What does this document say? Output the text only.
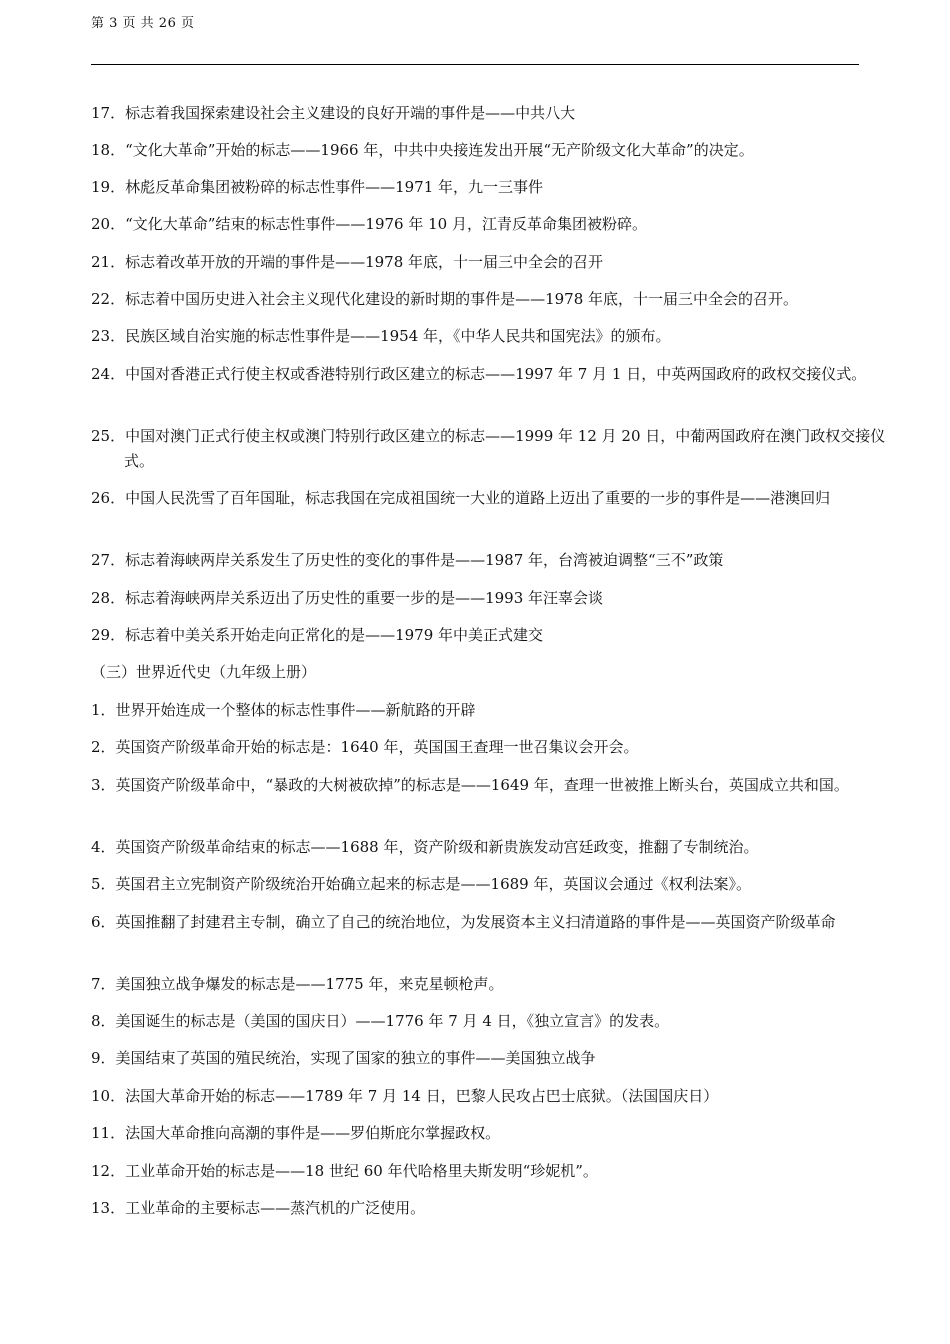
第 3 页 共 26 页
17．标志着我国探索建设社会主义建设的良好开端的事件是——中共八大
18．“文化大革命”开始的标志——1966 年，中共中央接连发出开展“无产阶级文化大革命”的决定。
19．林彪反革命集团被粉碎的标志性事件——1971 年，九一三事件
20．“文化大革命”结束的标志性事件——1976 年 10 月，江青反革命集团被粉碎。
21．标志着改革开放的开端的事件是——1978 年底，十一届三中全会的召开
22．标志着中国历史进入社会主义现代化建设的新时期的事件是——1978 年底，十一届三中全会的召开。
23．民族区域自治实施的标志性事件是——1954 年，《中华人民共和国宪法》的颁布。
24．中国对香港正式行使主权或香港特别行政区建立的标志——1997 年 7 月 1 日，中英两国政府的政权交接仪式。
25．中国对澳门正式行使主权或澳门特别行政区建立的标志——1999 年 12 月 20 日，中葡两国政府在澳门政权交接仪式。
26．中国人民洗雪了百年国耻，标志我国在完成祖国统一大业的道路上迈出了重要的一步的事件是——港澳回归
27．标志着海峡两岸关系发生了历史性的变化的事件是——1987 年，台湾被迫调整“三不”政策
28．标志着海峡两岸关系迈出了历史性的重要一步的是——1993 年汪辜会谈
29．标志着中美关系开始走向正常化的是——1979 年中美正式建交
（三）世界近代史（九年级上册）
1．世界开始连成一个整体的标志性事件——新航路的开辟
2．英国资产阶级革命开始的标志是：1640 年，英国国王查理一世召集议会开会。
3．英国资产阶级革命中，“暴政的大树被砍掉”的标志是——1649 年，查理一世被推上断头台，英国成立共和国。
4．英国资产阶级革命结束的标志——1688 年，资产阶级和新贵族发动宫廷政变，推翻了专制统治。
5．英国君主立宪制资产阶级统治开始确立起来的标志是——1689 年，英国议会通过《权利法案》。
6．英国推翻了封建君主专制，确立了自己的统治地位，为发展资本主义扫清道路的事件是——英国资产阶级革命
7．美国独立战争爆发的标志是——1775 年，来克星顿枪声。
8．美国诞生的标志是（美国的国庆日）——1776 年 7 月 4 日，《独立宣言》的发表。
9．美国结束了英国的殖民统治，实现了国家的独立的事件——美国独立战争
10．法国大革命开始的标志——1789 年 7 月 14 日，巴黎人民攻占巴士底狱。（法国国庆日）
11．法国大革命推向高潮的事件是——罗伯斯庇尔掌握政权。
12．工业革命开始的标志是——18 世纪 60 年代哈格里夫斯发明“珍妮机”。
13．工业革命的主要标志——蒸汽机的广泛使用。
